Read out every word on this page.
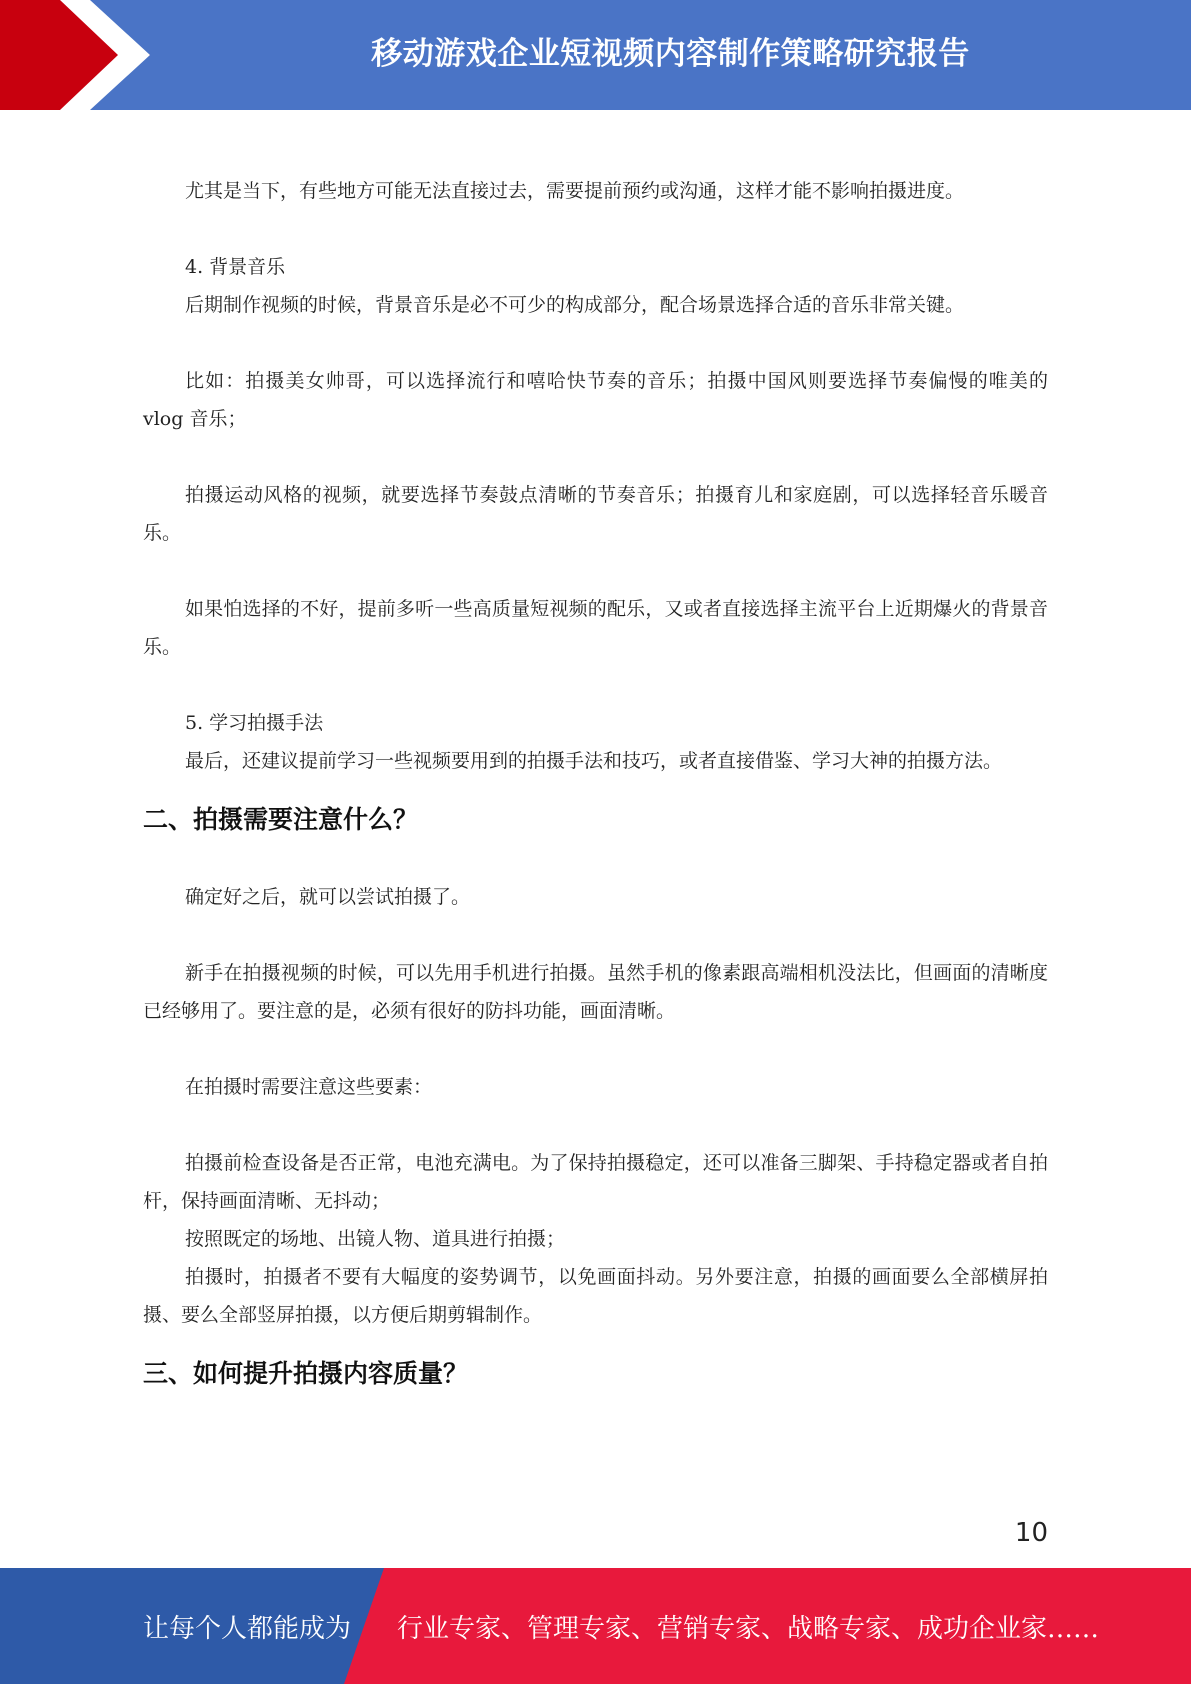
移动游戏企业短视频内容制作策略研究报告

尤其是当下，有些地方可能无法直接过去，需要提前预约或沟通，这样才能不影响拍摄进度。

4. 背景音乐

后期制作视频的时候，背景音乐是必不可少的构成部分，配合场景选择合适的音乐非常关键。

比如：拍摄美女帅哥，可以选择流行和嘻哈快节奏的音乐；拍摄中国风则要选择节奏偏慢的唯美的 vlog 音乐；

拍摄运动风格的视频，就要选择节奏鼓点清晰的节奏音乐；拍摄育儿和家庭剧，可以选择轻音乐暖音乐。

如果怕选择的不好，提前多听一些高质量短视频的配乐，又或者直接选择主流平台上近期爆火的背景音乐。

5. 学习拍摄手法

最后，还建议提前学习一些视频要用到的拍摄手法和技巧，或者直接借鉴、学习大神的拍摄方法。

二、拍摄需要注意什么？

确定好之后，就可以尝试拍摄了。

新手在拍摄视频的时候，可以先用手机进行拍摄。虽然手机的像素跟高端相机没法比，但画面的清晰度已经够用了。要注意的是，必须有很好的防抖功能，画面清晰。

在拍摄时需要注意这些要素：

拍摄前检查设备是否正常，电池充满电。为了保持拍摄稳定，还可以准备三脚架、手持稳定器或者自拍杆，保持画面清晰、无抖动；

按照既定的场地、出镜人物、道具进行拍摄；

拍摄时，拍摄者不要有大幅度的姿势调节，以免画面抖动。另外要注意，拍摄的画面要么全部横屏拍摄、要么全部竖屏拍摄，以方便后期剪辑制作。

三、如何提升拍摄内容质量？
10
让每个人都能成为 行业专家、管理专家、营销专家、战略专家、成功企业家……
